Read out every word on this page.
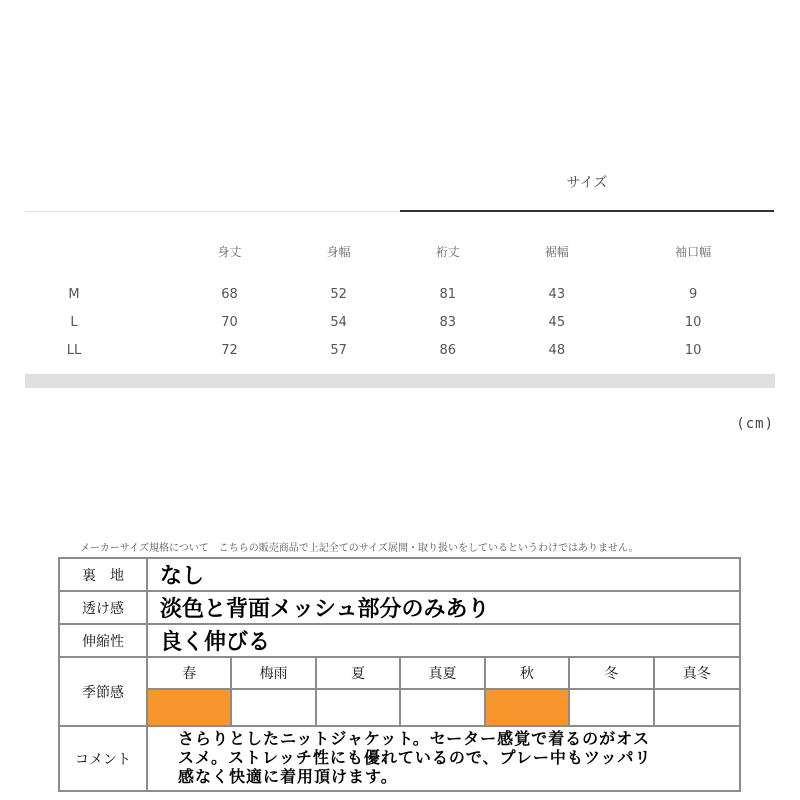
サイズ
	身丈	身幅	裄丈	裾幅	袖口幅

M	68	52	81	43	9
L	70	54	83	45	10
LL	72	57	86	48	10
(cm)
メーカーサイズ規格について　こちらの販売商品で上記全てのサイズ展開・取り扱いをしているというわけではありません。
裏　地	なし
透け感	淡色と背面メッシュ部分のみあり
伸縮性	良く伸びる
季節感
春	梅雨	夏	真夏	秋	冬	真冬
コメント
さらりとしたニットジャケット。セーター感覚で着るのがオス
スメ。ストレッチ性にも優れているので、プレー中もツッパリ
感なく快適に着用頂けます。
